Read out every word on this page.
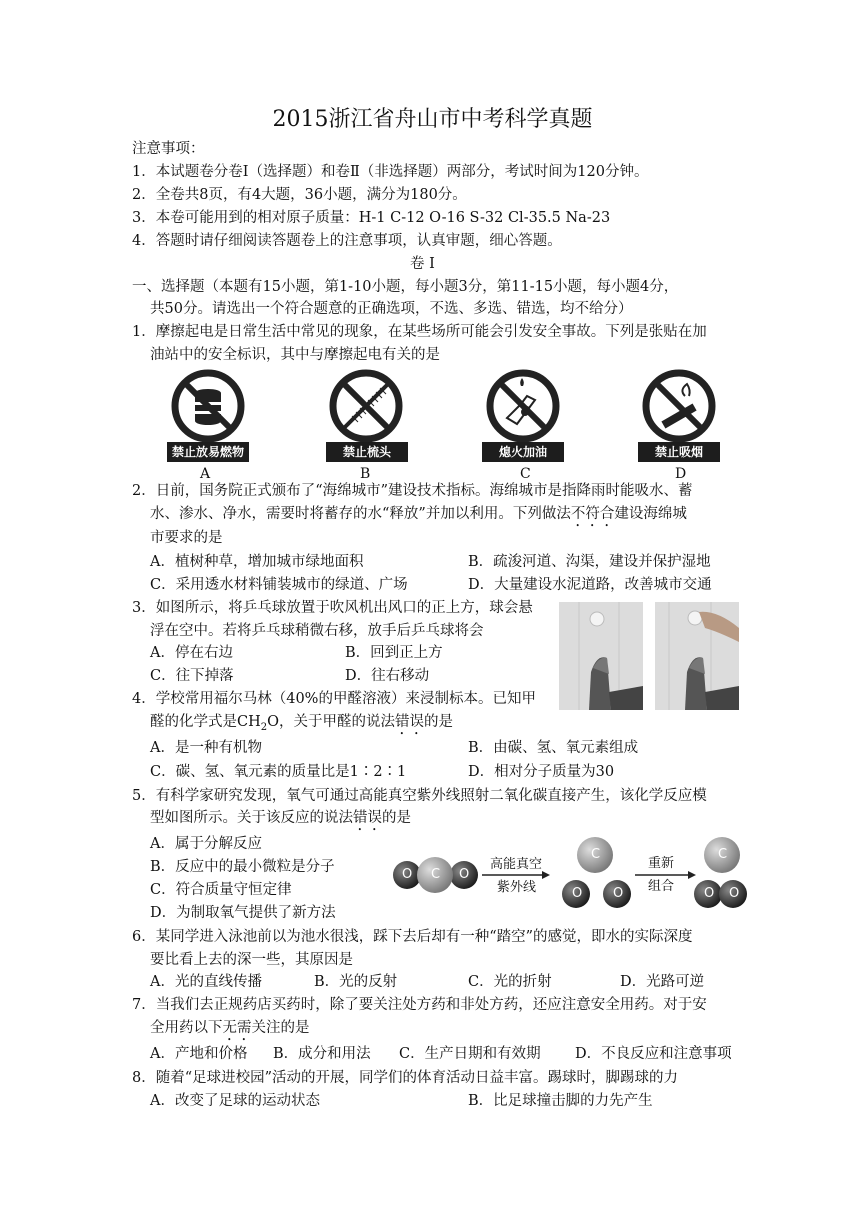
2015浙江省舟山市中考科学真题
注意事项：
1．本试题卷分卷Ⅰ（选择题）和卷Ⅱ（非选择题）两部分，考试时间为120分钟。
2．全卷共8页，有4大题，36小题，满分为180分。
3．本卷可能用到的相对原子质量：H-1 C-12 O-16 S-32 Cl-35.5 Na-23
4．答题时请仔细阅读答题卷上的注意事项，认真审题，细心答题。
卷 Ⅰ
一、选择题（本题有15小题，第1-10小题，每小题3分，第11-15小题，每小题4分，
共50分。请选出一个符合题意的正确选项，不选、多选、错选，均不给分）
1．摩擦起电是日常生活中常见的现象，在某些场所可能会引发安全事故。下列是张贴在加
油站中的安全标识，其中与摩擦起电有关的是
禁止放易燃物
A
禁止梳头
B
熄火加油
C
禁止吸烟
D
2．日前，国务院正式颁布了“海绵城市”建设技术指标。海绵城市是指降雨时能吸水、蓄
水、渗水、净水，需要时将蓄存的水“释放”并加以利用。下列做法不符合建设海绵城
市要求的是
A．植树种草，增加城市绿地面积	B．疏浚河道、沟渠，建设并保护湿地
C．采用透水材料铺装城市的绿道、广场	D．大量建设水泥道路，改善城市交通
3．如图所示，将乒乓球放置于吹风机出风口的正上方，球会悬
浮在空中。若将乒乓球稍微右移，放手后乒乓球将会
A．停在右边	B．回到正上方
C．往下掉落	D．往右移动
4．学校常用福尔马林（40%的甲醛溶液）来浸制标本。已知甲
醛的化学式是$CH_2O$，关于甲醛的说法错误的是
A．是一种有机物	B．由碳、氢、氧元素组成
C．碳、氢、氧元素的质量比是1∶2∶1	D．相对分子质量为30
5．有科学家研究发现，氧气可通过高能真空紫外线照射二氧化碳直接产生，该化学反应模
型如图所示。关于该反应的说法错误的是
A．属于分解反应
B．反应中的最小微粒是分子
C．符合质量守恒定律
D．为制取氧气提供了新方法
O C O
C
O O
C
O O
高能真空
紫外线
重新
组合
6．某同学进入泳池前以为池水很浅，踩下去后却有一种“踏空”的感觉，即水的实际深度
要比看上去的深一些，其原因是
A．光的直线传播	B．光的反射	C．光的折射	D．光路可逆
7．当我们去正规药店买药时，除了要关注处方药和非处方药，还应注意安全用药。对于安
全用药以下无需关注的是
A．产地和价格 B．成分和用法 C．生产日期和有效期 D．不良反应和注意事项
8．随着“足球进校园”活动的开展，同学们的体育活动日益丰富。踢球时，脚踢球的力
A．改变了足球的运动状态	B．比足球撞击脚的力先产生
